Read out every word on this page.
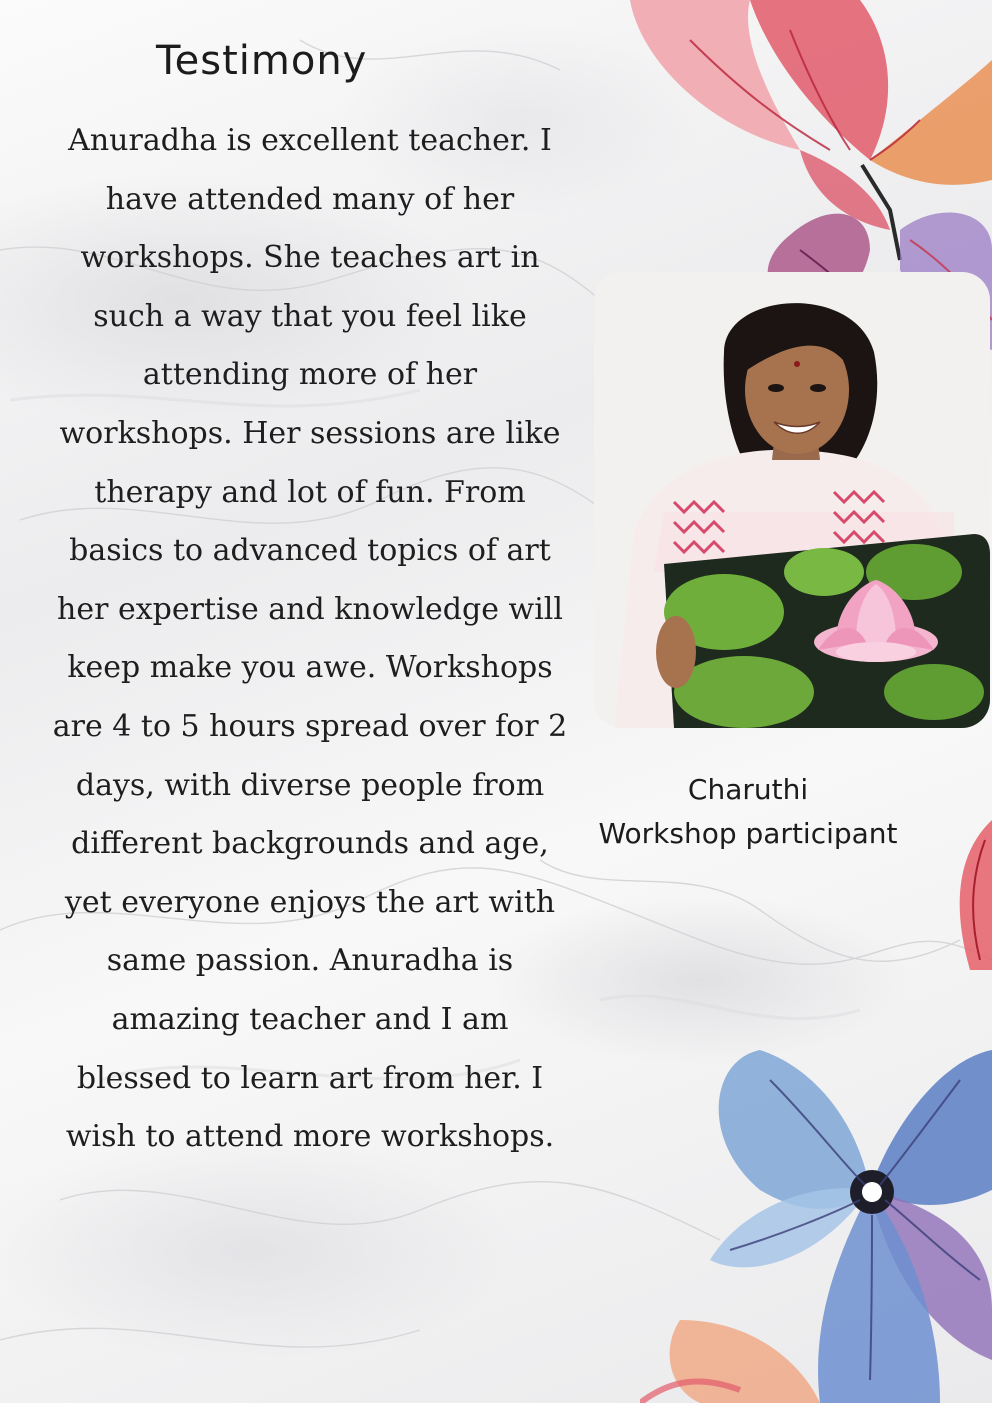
Testimony
Anuradha is excellent teacher. I
have attended many of her
workshops. She teaches art in
such a way that you feel like
attending more of her
workshops. Her sessions are like
therapy and lot of fun. From
basics to advanced topics of art
her expertise and knowledge will
keep make you awe. Workshops
are 4 to 5 hours spread over for 2
days, with diverse people from
different backgrounds and age,
yet everyone enjoys the art with
same passion. Anuradha is
amazing teacher and I am
blessed to learn art from her. I
wish to attend more workshops.
Charuthi
Workshop participant
